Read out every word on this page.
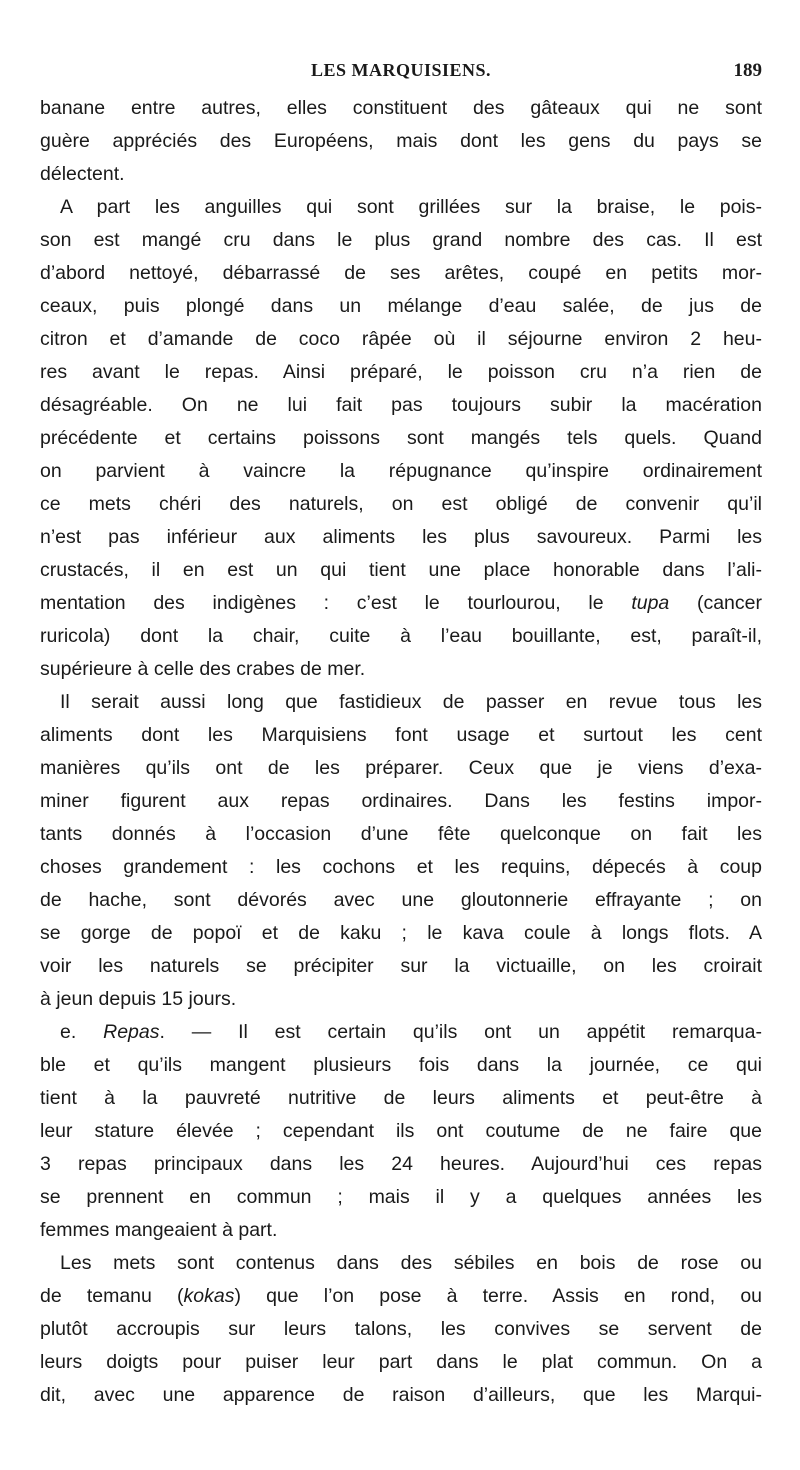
LES MARQUISIENS.	189
banane entre autres, elles constituent des gâteaux qui ne sont
guère appréciés des Européens, mais dont les gens du pays se
délectent.
A part les anguilles qui sont grillées sur la braise, le pois-
son est mangé cru dans le plus grand nombre des cas. Il est
d’abord nettoyé, débarrassé de ses arêtes, coupé en petits mor-
ceaux, puis plongé dans un mélange d’eau salée, de jus de
citron et d’amande de coco râpée où il séjourne environ 2 heu-
res avant le repas. Ainsi préparé, le poisson cru n’a rien de
désagréable. On ne lui fait pas toujours subir la macération
précédente et certains poissons sont mangés tels quels. Quand
on parvient à vaincre la répugnance qu’inspire ordinairement
ce mets chéri des naturels, on est obligé de convenir qu’il
n’est pas inférieur aux aliments les plus savoureux. Parmi les
crustacés, il en est un qui tient une place honorable dans l’ali-
mentation des indigènes : c’est le tourlourou, le tupa (cancer
ruricola) dont la chair, cuite à l’eau bouillante, est, paraît-il,
supérieure à celle des crabes de mer.
Il serait aussi long que fastidieux de passer en revue tous les
aliments dont les Marquisiens font usage et surtout les cent
manières qu’ils ont de les préparer. Ceux que je viens d’exa-
miner figurent aux repas ordinaires. Dans les festins impor-
tants donnés à l’occasion d’une fête quelconque on fait les
choses grandement : les cochons et les requins, dépecés à coup
de hache, sont dévorés avec une gloutonnerie effrayante ; on
se gorge de popoï et de kaku ; le kava coule à longs flots. A
voir les naturels se précipiter sur la victuaille, on les croirait
à jeun depuis 15 jours.
e. Repas. — Il est certain qu’ils ont un appétit remarqua-
ble et qu’ils mangent plusieurs fois dans la journée, ce qui
tient à la pauvreté nutritive de leurs aliments et peut-être à
leur stature élevée ; cependant ils ont coutume de ne faire que
3 repas principaux dans les 24 heures. Aujourd’hui ces repas
se prennent en commun ; mais il y a quelques années les
femmes mangeaient à part.
Les mets sont contenus dans des sébiles en bois de rose ou
de temanu (kokas) que l’on pose à terre. Assis en rond, ou
plutôt accroupis sur leurs talons, les convives se servent de
leurs doigts pour puiser leur part dans le plat commun. On a
dit, avec une apparence de raison d’ailleurs, que les Marqui-
